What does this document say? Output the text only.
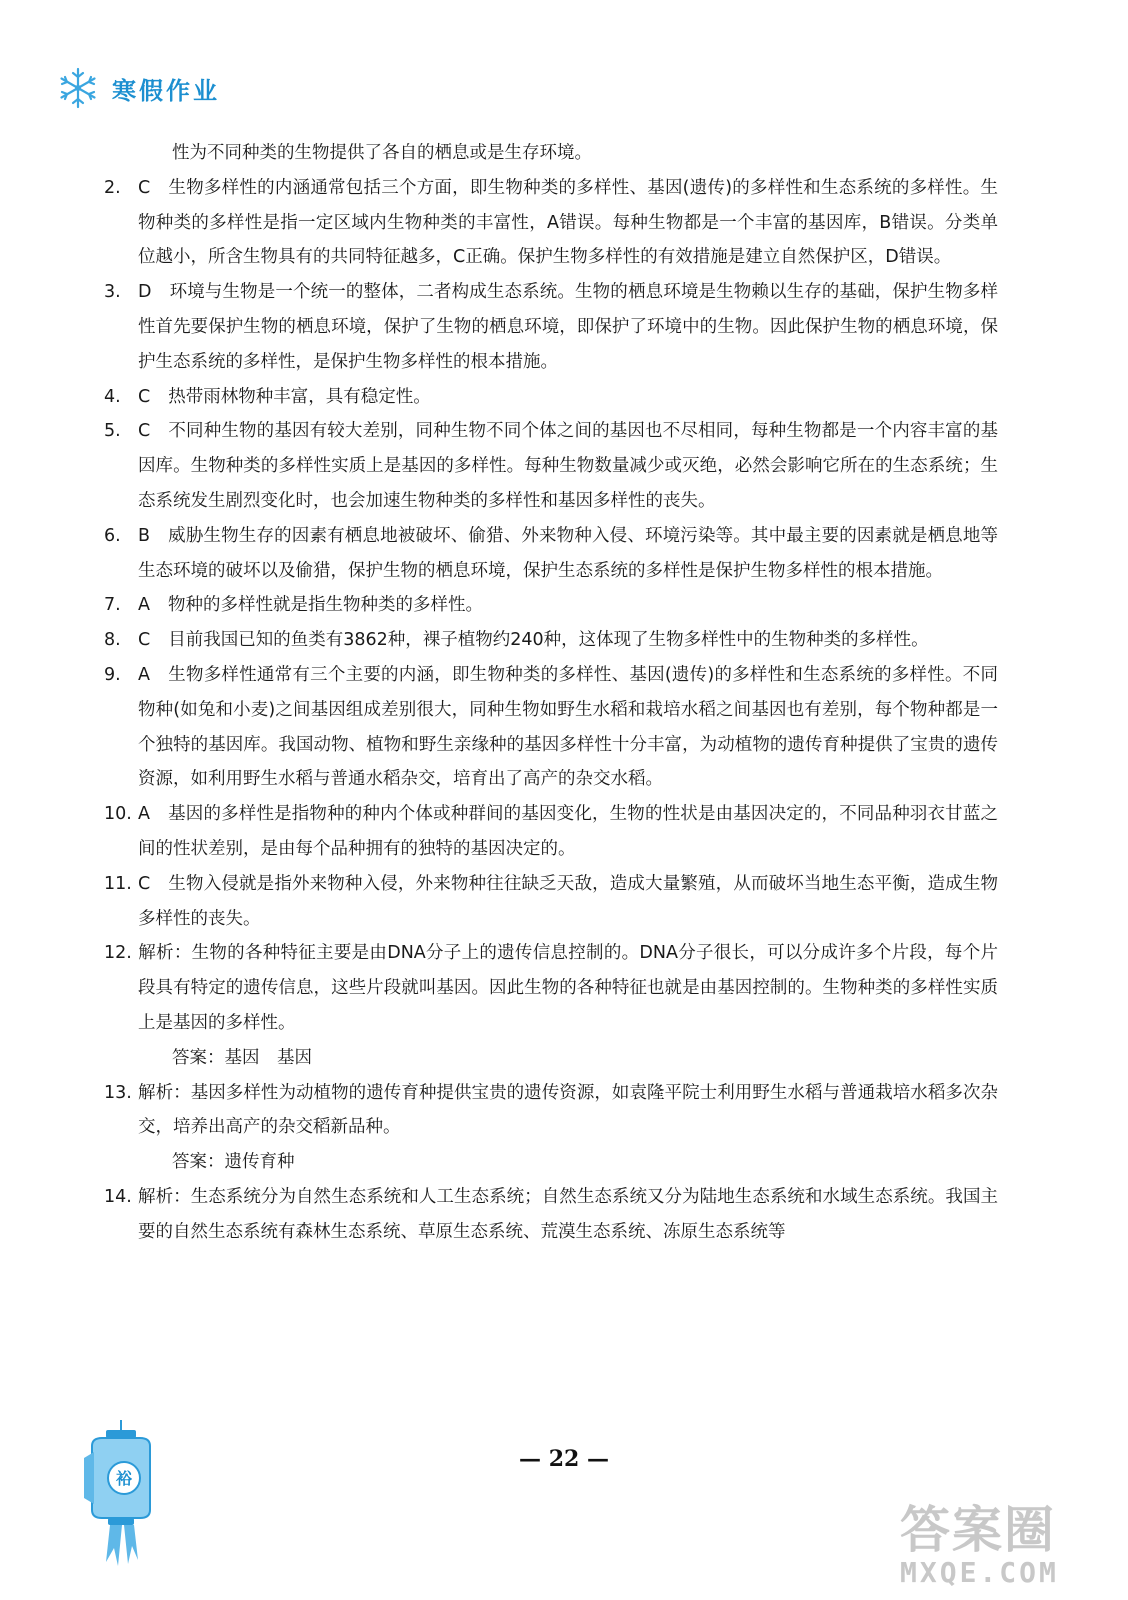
寒假作业

性为不同种类的生物提供了各自的栖息或是生存环境。

2. C 生物多样性的内涵通常包括三个方面，即生物种类的多样性、基因(遗传)的多样性和生态系统的多样性。生物种类的多样性是指一定区域内生物种类的丰富性，A错误。每种生物都是一个丰富的基因库，B错误。分类单位越小，所含生物具有的共同特征越多，C正确。保护生物多样性的有效措施是建立自然保护区，D错误。

3. D 环境与生物是一个统一的整体，二者构成生态系统。生物的栖息环境是生物赖以生存的基础，保护生物多样性首先要保护生物的栖息环境，保护了生物的栖息环境，即保护了环境中的生物。因此保护生物的栖息环境，保护生态系统的多样性，是保护生物多样性的根本措施。

4. C 热带雨林物种丰富，具有稳定性。

5. C 不同种生物的基因有较大差别，同种生物不同个体之间的基因也不尽相同，每种生物都是一个内容丰富的基因库。生物种类的多样性实质上是基因的多样性。每种生物数量减少或灭绝，必然会影响它所在的生态系统；生态系统发生剧烈变化时，也会加速生物种类的多样性和基因多样性的丧失。

6. B 威胁生物生存的因素有栖息地被破坏、偷猎、外来物种入侵、环境污染等。其中最主要的因素就是栖息地等生态环境的破坏以及偷猎，保护生物的栖息环境，保护生态系统的多样性是保护生物多样性的根本措施。

7. A 物种的多样性就是指生物种类的多样性。

8. C 目前我国已知的鱼类有3862种，裸子植物约240种，这体现了生物多样性中的生物种类的多样性。

9. A 生物多样性通常有三个主要的内涵，即生物种类的多样性、基因(遗传)的多样性和生态系统的多样性。不同物种(如兔和小麦)之间基因组成差别很大，同种生物如野生水稻和栽培水稻之间基因也有差别，每个物种都是一个独特的基因库。我国动物、植物和野生亲缘种的基因多样性十分丰富，为动植物的遗传育种提供了宝贵的遗传资源，如利用野生水稻与普通水稻杂交，培育出了高产的杂交水稻。

10. A 基因的多样性是指物种的种内个体或种群间的基因变化，生物的性状是由基因决定的，不同品种羽衣甘蓝之间的性状差别，是由每个品种拥有的独特的基因决定的。

11. C 生物入侵就是指外来物种入侵，外来物种往往缺乏天敌，造成大量繁殖，从而破坏当地生态平衡，造成生物多样性的丧失。

12. 解析：生物的各种特征主要是由DNA分子上的遗传信息控制的。DNA分子很长，可以分成许多个片段，每个片段具有特定的遗传信息，这些片段就叫基因。因此生物的各种特征也就是由基因控制的。生物种类的多样性实质上是基因的多样性。

答案：基因　基因

13. 解析：基因多样性为动植物的遗传育种提供宝贵的遗传资源，如袁隆平院士利用野生水稻与普通栽培水稻多次杂交，培养出高产的杂交稻新品种。

答案：遗传育种

14. 解析：生态系统分为自然生态系统和人工生态系统；自然生态系统又分为陆地生态系统和水域生态系统。我国主要的自然生态系统有森林生态系统、草原生态系统、荒漠生态系统、冻原生态系统等

裕
— 22 —
答案圈
MXQE.COM
